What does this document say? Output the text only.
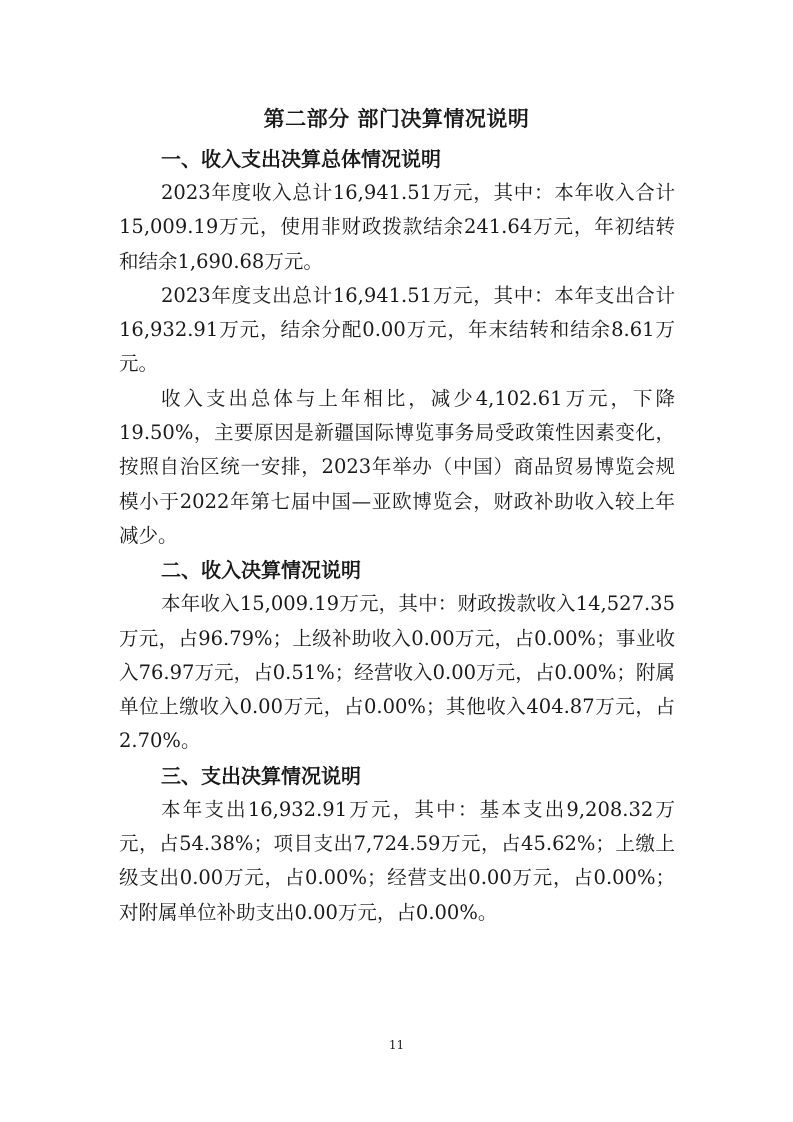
第二部分 部门决算情况说明
一、收入支出决算总体情况说明

2023年度收入总计16,941.51万元，其中：本年收入合计15,009.19万元，使用非财政拨款结余241.64万元，年初结转和结余1,690.68万元。

2023年度支出总计16,941.51万元，其中：本年支出合计16,932.91万元，结余分配0.00万元，年末结转和结余8.61万元。

收入支出总体与上年相比，减少4,102.61万元，下降19.50%，主要原因是新疆国际博览事务局受政策性因素变化，按照自治区统一安排，2023年举办（中国）商品贸易博览会规模小于2022年第七届中国—亚欧博览会，财政补助收入较上年减少。

二、收入决算情况说明

本年收入15,009.19万元，其中：财政拨款收入14,527.35万元，占96.79%；上级补助收入0.00万元，占0.00%；事业收入76.97万元，占0.51%；经营收入0.00万元，占0.00%；附属单位上缴收入0.00万元，占0.00%；其他收入404.87万元，占2.70%。

三、支出决算情况说明

本年支出16,932.91万元，其中：基本支出9,208.32万元，占54.38%；项目支出7,724.59万元，占45.62%；上缴上级支出0.00万元，占0.00%；经营支出0.00万元，占0.00%；对附属单位补助支出0.00万元，占0.00%。

11
